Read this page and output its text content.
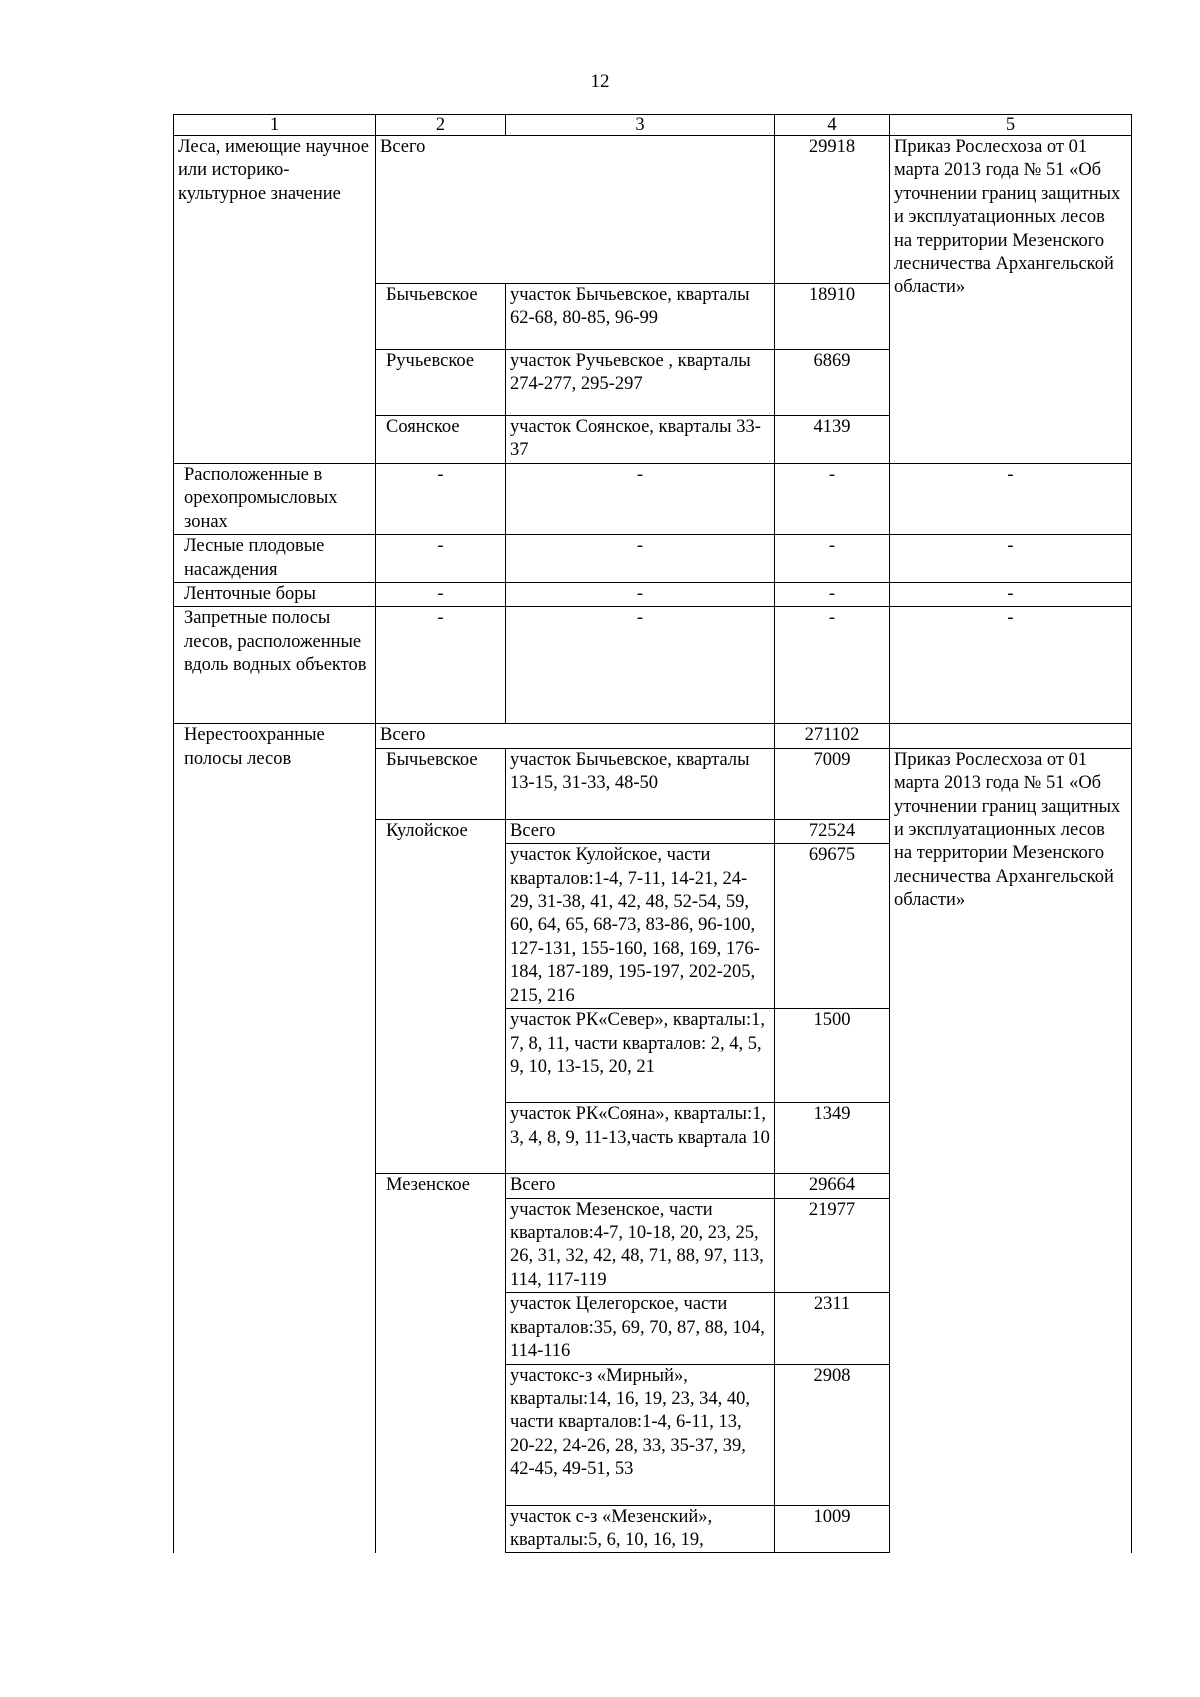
12
1	2	3	4	5
Леса, имеющие научное или историко-культурное значение	Всего		29918	Приказ Рослесхоза от 01 марта 2013 года № 51 «Об уточнении границ защитных и эксплуатационных лесов на территории Мезенского лесничества Архангельской области»
	Бычьевское	участок Бычьевское, кварталы 62-68, 80-85, 96-99	18910	
	Ручьевское	участок Ручьевское , кварталы 274-277, 295-297	6869	
	Соянское	участок Соянское, кварталы 33-37	4139	
Расположенные в орехопромысловых зонах	-	-	-	-
Лесные плодовые насаждения	-	-	-	-
Ленточные боры	-	-	-	-
Запретные полосы лесов, расположенные вдоль водных объектов	-	-	-	-
Нерестоохранные полосы лесов	Всего		271102	
	Бычьевское	участок Бычьевское, кварталы 13-15, 31-33, 48-50	7009	Приказ Рослесхоза от 01 марта 2013 года № 51 «Об уточнении границ защитных и эксплуатационных лесов на территории Мезенского лесничества Архангельской области»
	Кулойское	Всего	72524	
		участок Кулойское, части кварталов:1-4, 7-11, 14-21, 24-29, 31-38, 41, 42, 48, 52-54, 59, 60, 64, 65, 68-73, 83-86, 96-100, 127-131, 155-160, 168, 169, 176-184, 187-189, 195-197, 202-205, 215, 216	69675	
		участок РК«Север», кварталы:1, 7, 8, 11, части кварталов: 2, 4, 5, 9, 10, 13-15, 20, 21	1500	
		участок РК«Сояна», кварталы:1, 3, 4, 8, 9, 11-13,часть квартала 10	1349	
	Мезенское	Всего	29664	
		участок Мезенское, части кварталов:4-7, 10-18, 20, 23, 25, 26, 31, 32, 42, 48, 71, 88, 97, 113, 114, 117-119	21977	
		участок Целегорское, части кварталов:35, 69, 70, 87, 88, 104, 114-116	2311	
		участокс-з «Мирный», кварталы:14, 16, 19, 23, 34, 40, части кварталов:1-4, 6-11, 13, 20-22, 24-26, 28, 33, 35-37, 39, 42-45, 49-51, 53	2908	
		участок с-з «Мезенский», кварталы:5, 6, 10, 16, 19,	1009	
